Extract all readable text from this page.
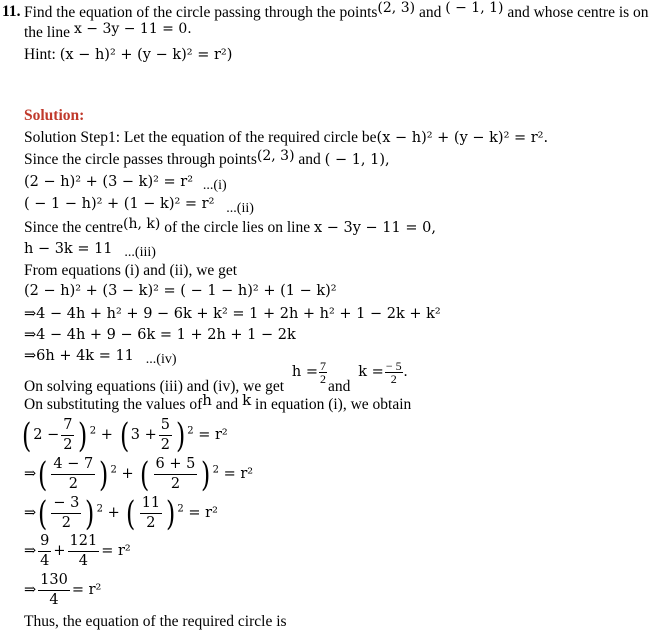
11. Find the equation of the circle passing through the points$^{(2, 3)}$ and $^{( - 1, 1)}$ and whose centre is on
the line $^{x - 3y - 11 = 0.}$
Hint: (x − h)² + (y − k)² = r²)
Solution:
Solution Step1: Let the equation of the required circle be(x − h)² + (y − k)² = r².
Since the circle passes through points$^{(2, 3)}$ and ( − 1, 1),
(2 − h)² + (3 − k)² = r² ...(i)
( − 1 − h)² + (1 − k)² = r² ...(ii)
Since the centre$^{(h, k)}$ of the circle lies on line x − 3y − 11 = 0,
h − 3k = 11 ...(iii)
From equations (i) and (ii), we get
(2 − h)² + (3 − k)² = ( − 1 − h)² + (1 − k)²
⇒4 − 4h + h² + 9 − 6k + k² = 1 + 2h + h² + 1 − 2k + k²
⇒4 − 4h + 9 − 6k = 1 + 2h + 1 − 2k
⇒6h + 4k = 11 ...(iv)
On solving equations (iii) and (iv), we get $h = \frac{7}{2}$
and $k = \frac{- 5}{2}$ .
On substituting the values $of^h$ and $^k$ in equation (i), we obtain
( $2 - \frac{7}{2}$ ) $^2$ + ( $3 + \frac{5}{2}$ ) $^2$ = r²
⇒( $\frac{4 - 7}{2}$ ) $^2$ + ( $\frac{6 + 5}{2}$ ) $^2$ = r²
⇒( $\frac{- 3}{2}$ ) $^2$ + ( $\frac{11}{2}$ ) $^2$ = r²
⇒ $\frac{9}{4} + \frac{121}{4} = r^2$
⇒ $\frac{130}{4} = r^2$
Thus, the equation of the required circle is
